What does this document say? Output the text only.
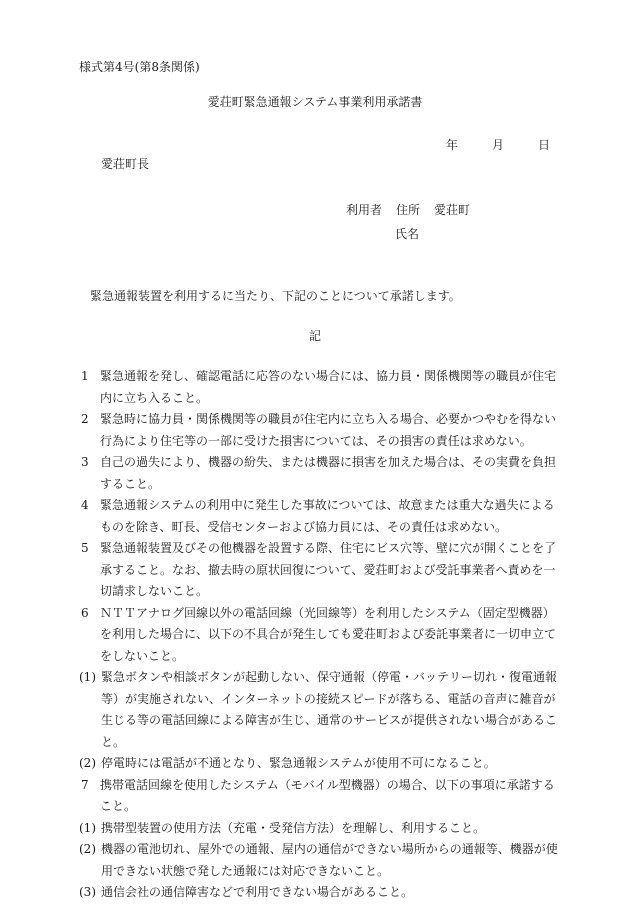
様式第4号(第8条関係)
愛荘町緊急通報システム事業利用承諾書
年	月	日
愛荘町長
利用者 住所 愛荘町
氏名
緊急通報装置を利用するに当たり、下記のことについて承諾します。
記
1 緊急通報を発し、確認電話に応答のない場合には、協力員・関係機関等の職員が住宅内に立ち入ること。
2 緊急時に協力員・関係機関等の職員が住宅内に立ち入る場合、必要かつやむを得ない行為により住宅等の一部に受けた損害については、その損害の責任は求めない。
3 自己の過失により、機器の紛失、または機器に損害を加えた場合は、その実費を負担すること。
4 緊急通報システムの利用中に発生した事故については、故意または重大な過失によるものを除き、町長、受信センターおよび協力員には、その責任は求めない。
5 緊急通報装置及びその他機器を設置する際、住宅にビス穴等、壁に穴が開くことを了承すること。なお、撤去時の原状回復について、愛荘町および受託事業者へ責めを一切請求しないこと。
6 ＮＴＴアナログ回線以外の電話回線（光回線等）を利用したシステム（固定型機器）を利用した場合に、以下の不具合が発生しても愛荘町および委託事業者に一切申立てをしないこと。
(1) 緊急ボタンや相談ボタンが起動しない、保守通報（停電・バッテリー切れ・復電通報等）が実施されない、インターネットの接続スピードが落ちる、電話の音声に雑音が生じる等の電話回線による障害が生じ、通常のサービスが提供されない場合があること。
(2) 停電時には電話が不通となり、緊急通報システムが使用不可になること。
7 携帯電話回線を使用したシステム（モバイル型機器）の場合、以下の事項に承諾すること。
(1) 携帯型装置の使用方法（充電・受発信方法）を理解し、利用すること。
(2) 機器の電池切れ、屋外での通報、屋内の通信ができない場所からの通報等、機器が使用できない状態で発した通報には対応できないこと。
(3) 通信会社の通信障害などで利用できない場合があること。
